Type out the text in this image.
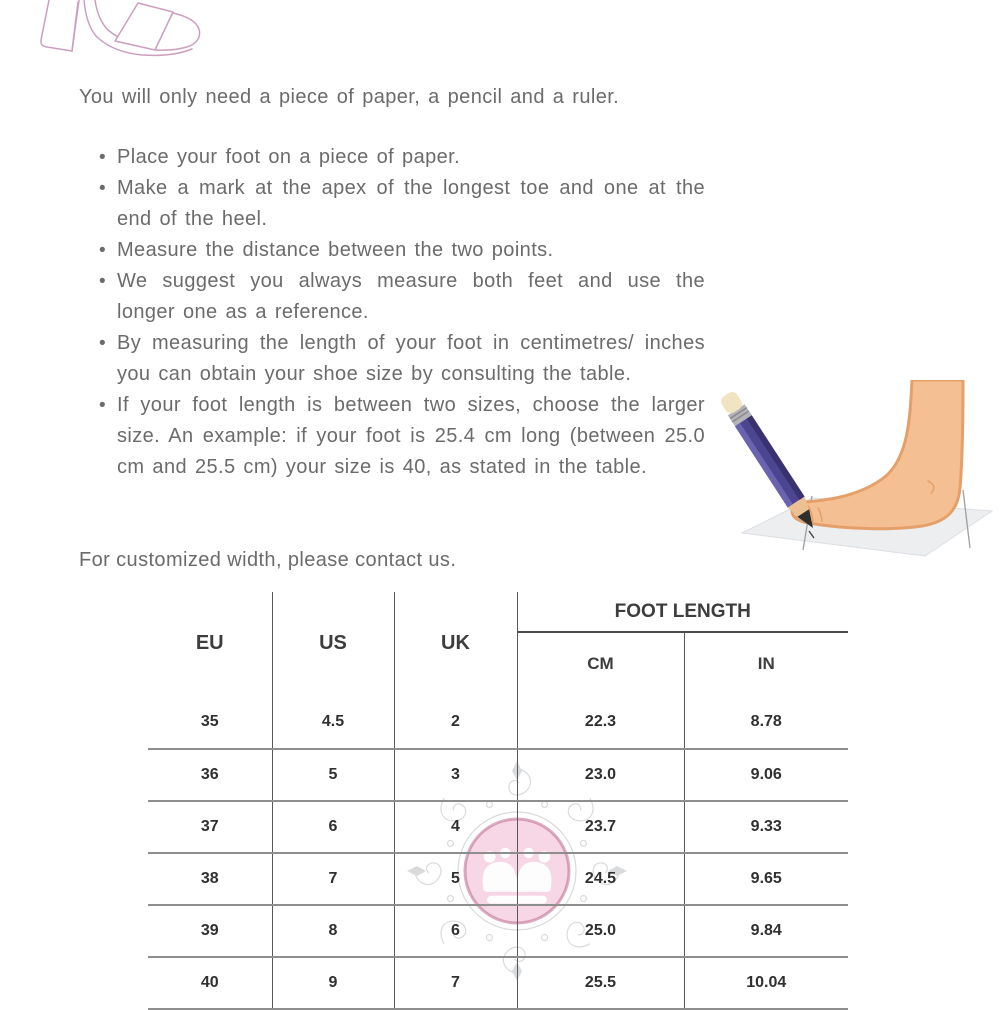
You will only need a piece of paper, a pencil and a ruler.
• Place your foot on a piece of paper.
• Make a mark at the apex of the longest toe and one at the end of the heel.
• Measure the distance between the two points.
• We suggest you always measure both feet and use the longer one as a reference.
• By measuring the length of your foot in centimetres/ inches you can obtain your shoe size by consulting the table.
• If your foot length is between two sizes, choose the larger size. An example: if your foot is 25.4 cm long (between 25.0 cm and 25.5 cm) your size is 40, as stated in the table.
For customized width, please contact us.
EU	US	UK	FOOT LENGTH	
			CM	IN
35	4.5	2	22.3	8.78
36	5	3	23.0	9.06
37	6	4	23.7	9.33
38	7	5	24.5	9.65
39	8	6	25.0	9.84
40	9	7	25.5	10.04
